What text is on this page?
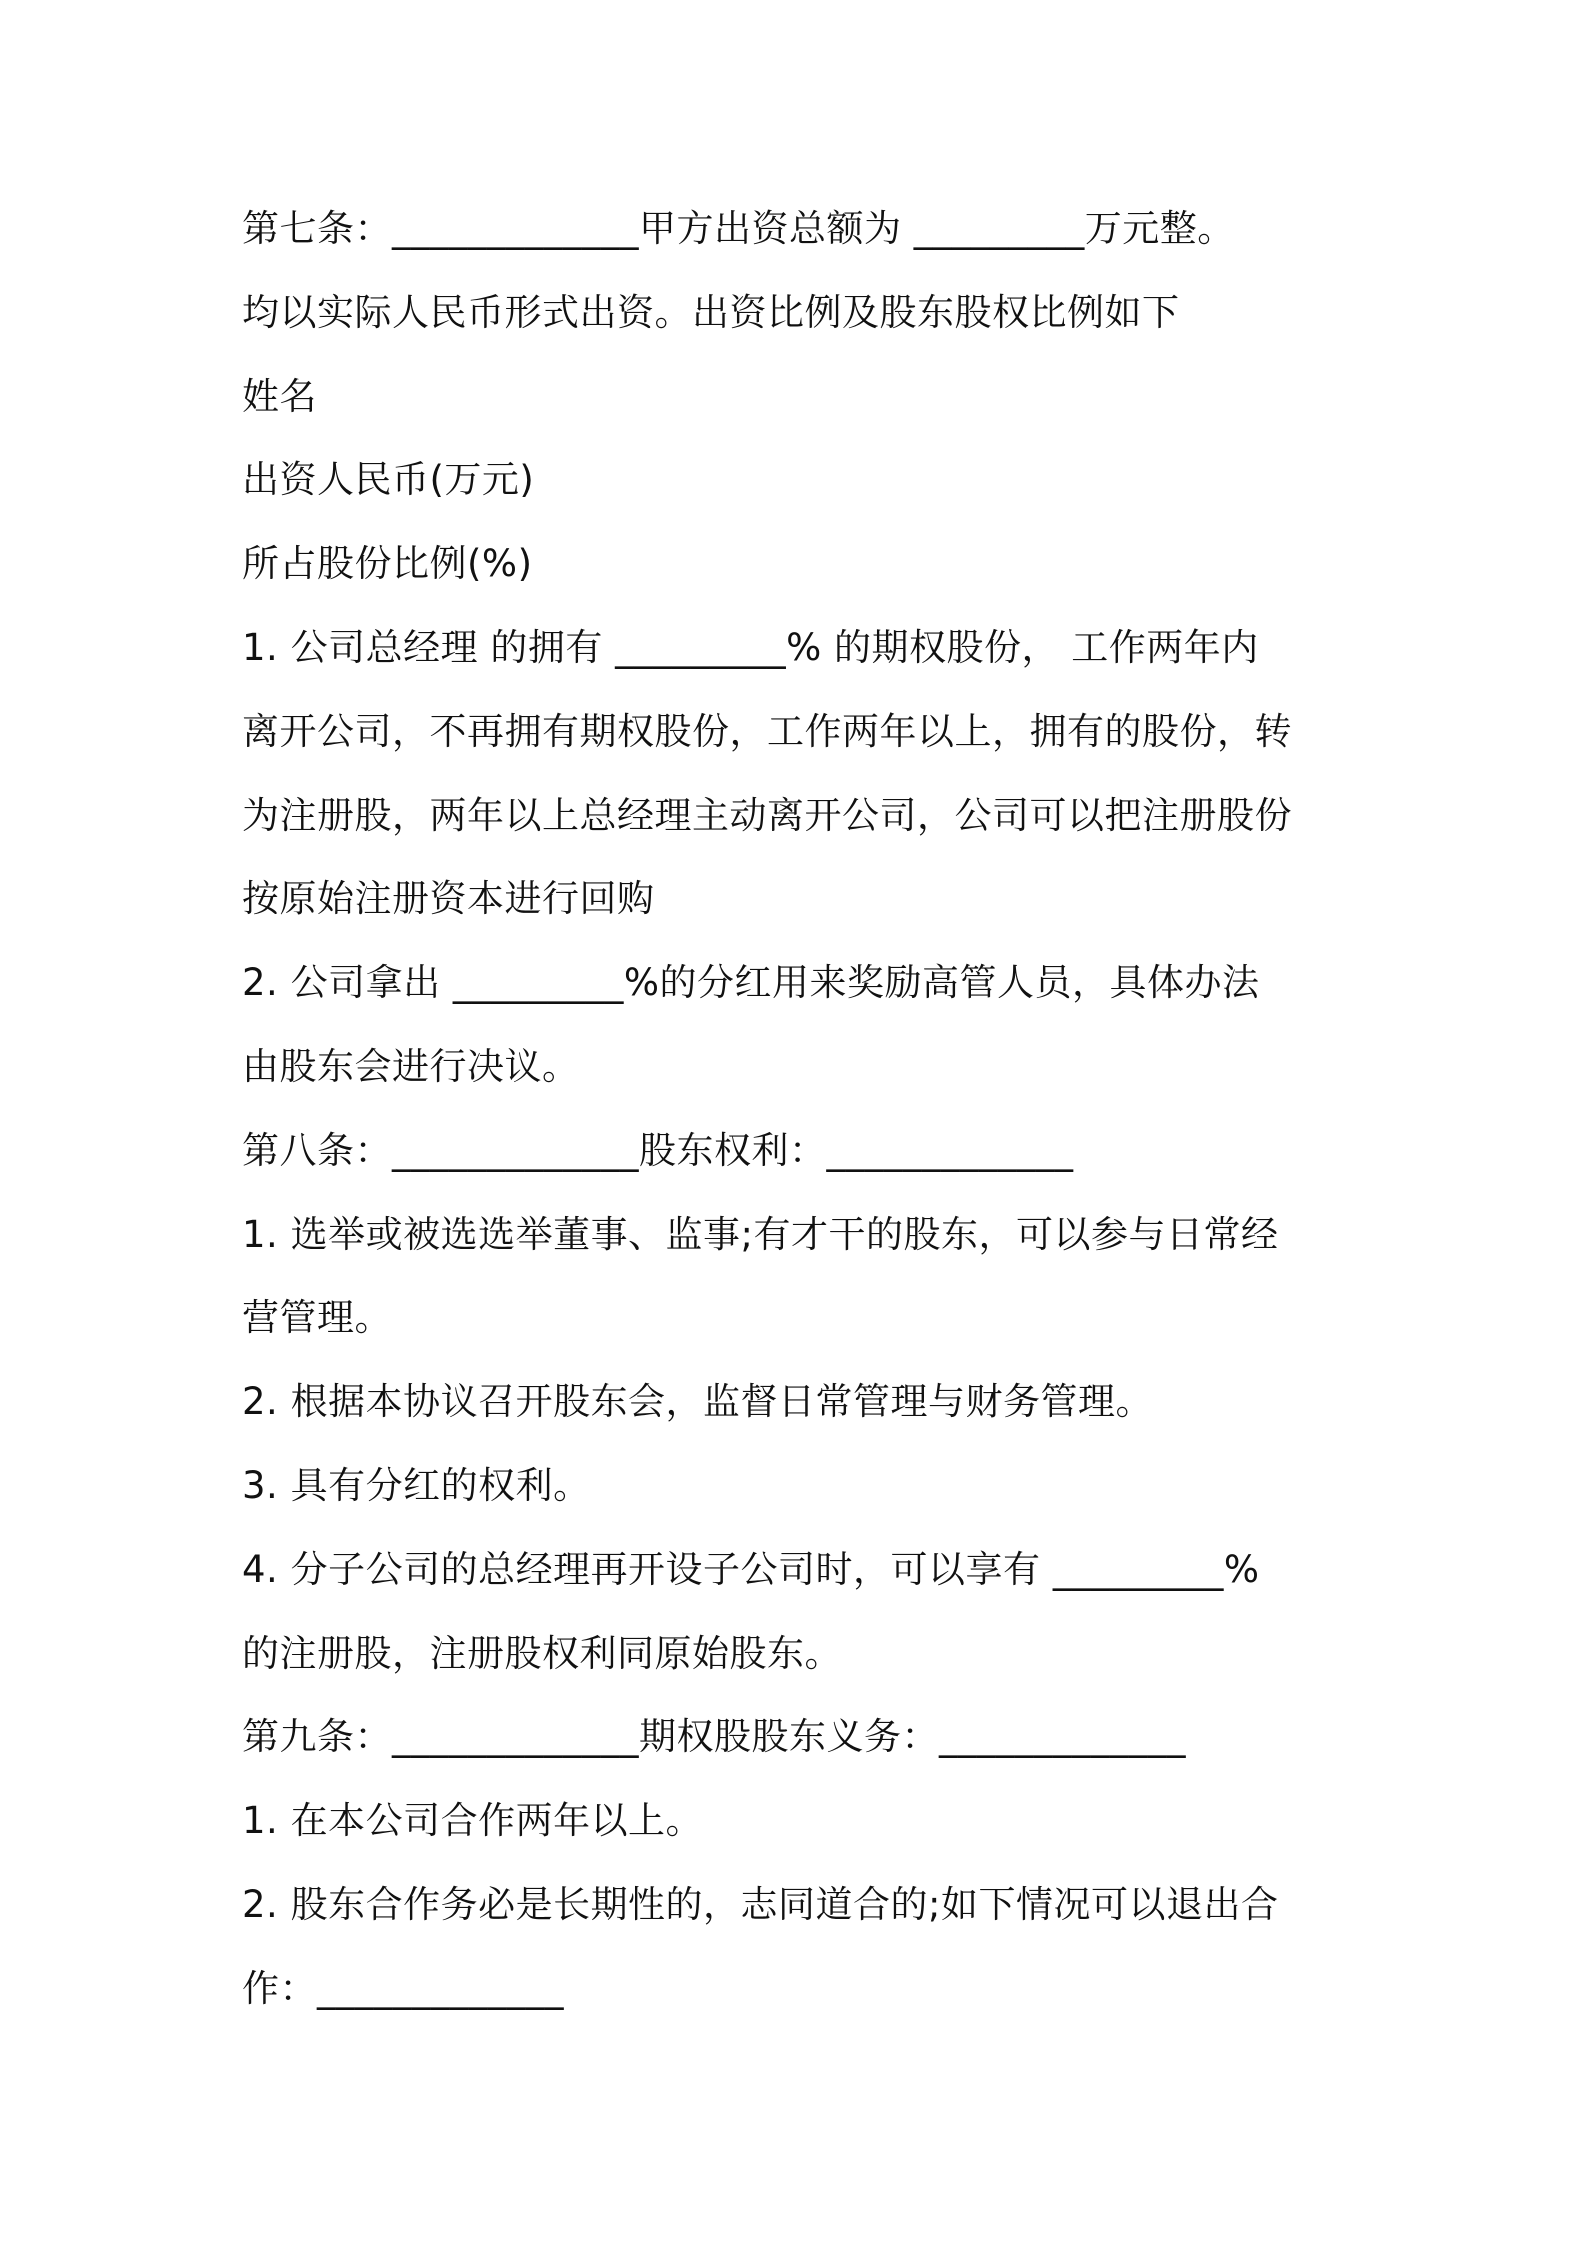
第七条：_____________甲方出资总额为 _________万元整。
均以实际人民币形式出资。出资比例及股东股权比例如下
姓名
出资人民币(万元)
所占股份比例(%)
1. 公司总经理 的拥有 _________% 的期权股份， 工作两年内
离开公司，不再拥有期权股份，工作两年以上，拥有的股份，转
为注册股，两年以上总经理主动离开公司，公司可以把注册股份
按原始注册资本进行回购
2. 公司拿出 _________%的分红用来奖励高管人员，具体办法
由股东会进行决议。
第八条：_____________股东权利：_____________
1. 选举或被选选举董事、监事;有才干的股东，可以参与日常经
营管理。
2. 根据本协议召开股东会，监督日常管理与财务管理。
3. 具有分红的权利。
4. 分子公司的总经理再开设子公司时，可以享有 _________%
的注册股，注册股权利同原始股东。
第九条：_____________期权股股东义务：_____________
1. 在本公司合作两年以上。
2. 股东合作务必是长期性的，志同道合的;如下情况可以退出合
作：_____________
